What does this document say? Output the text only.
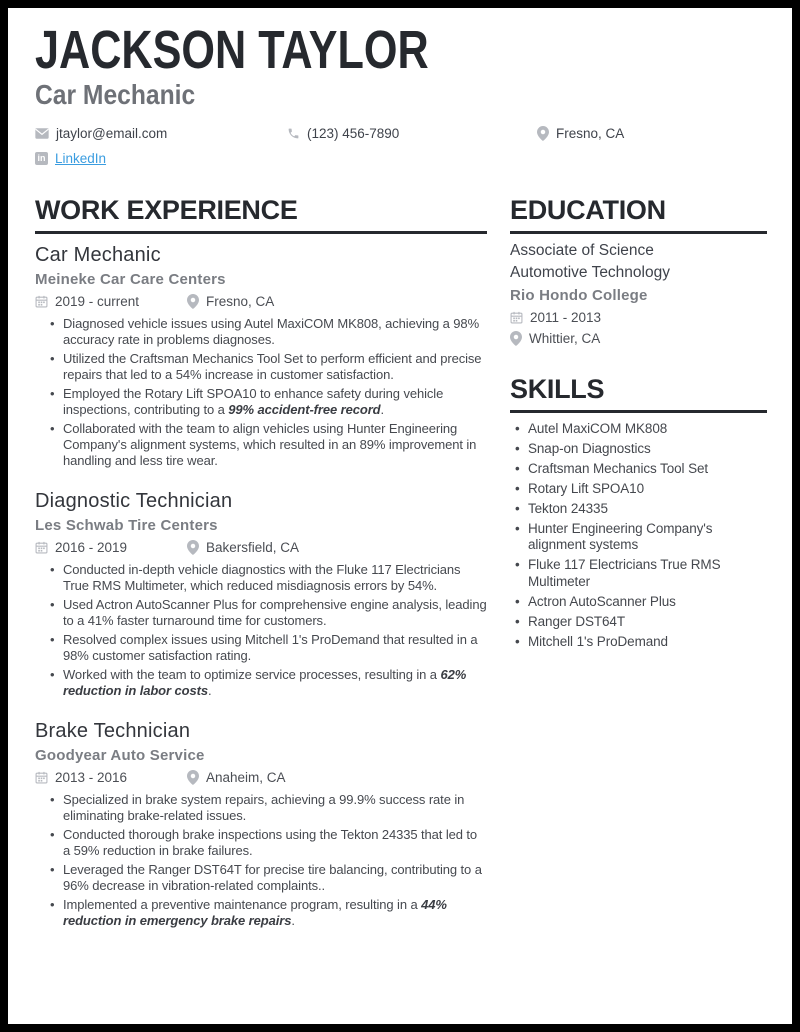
JACKSON TAYLOR
Car Mechanic
jtaylor@email.com	(123) 456-7890	Fresno, CA
in LinkedIn
WORK EXPERIENCE
Car Mechanic
Meineke Car Care Centers
2019 - current	Fresno, CA
• Diagnosed vehicle issues using Autel MaxiCOM MK808, achieving a 98% accuracy rate in problems diagnoses.
• Utilized the Craftsman Mechanics Tool Set to perform efficient and precise repairs that led to a 54% increase in customer satisfaction.
• Employed the Rotary Lift SPOA10 to enhance safety during vehicle inspections, contributing to a 99% accident-free record.
• Collaborated with the team to align vehicles using Hunter Engineering Company's alignment systems, which resulted in an 89% improvement in handling and less tire wear.
Diagnostic Technician
Les Schwab Tire Centers
2016 - 2019	Bakersfield, CA
• Conducted in-depth vehicle diagnostics with the Fluke 117 Electricians True RMS Multimeter, which reduced misdiagnosis errors by 54%.
• Used Actron AutoScanner Plus for comprehensive engine analysis, leading to a 41% faster turnaround time for customers.
• Resolved complex issues using Mitchell 1's ProDemand that resulted in a 98% customer satisfaction rating.
• Worked with the team to optimize service processes, resulting in a 62% reduction in labor costs.
Brake Technician
Goodyear Auto Service
2013 - 2016	Anaheim, CA
• Specialized in brake system repairs, achieving a 99.9% success rate in eliminating brake-related issues.
• Conducted thorough brake inspections using the Tekton 24335 that led to a 59% reduction in brake failures.
• Leveraged the Ranger DST64T for precise tire balancing, contributing to a 96% decrease in vibration-related complaints..
• Implemented a preventive maintenance program, resulting in a 44% reduction in emergency brake repairs.
EDUCATION
Associate of Science
Automotive Technology
Rio Hondo College
2011 - 2013
Whittier, CA
SKILLS
• Autel MaxiCOM MK808
• Snap-on Diagnostics
• Craftsman Mechanics Tool Set
• Rotary Lift SPOA10
• Tekton 24335
• Hunter Engineering Company's alignment systems
• Fluke 117 Electricians True RMS Multimeter
• Actron AutoScanner Plus
• Ranger DST64T
• Mitchell 1's ProDemand
